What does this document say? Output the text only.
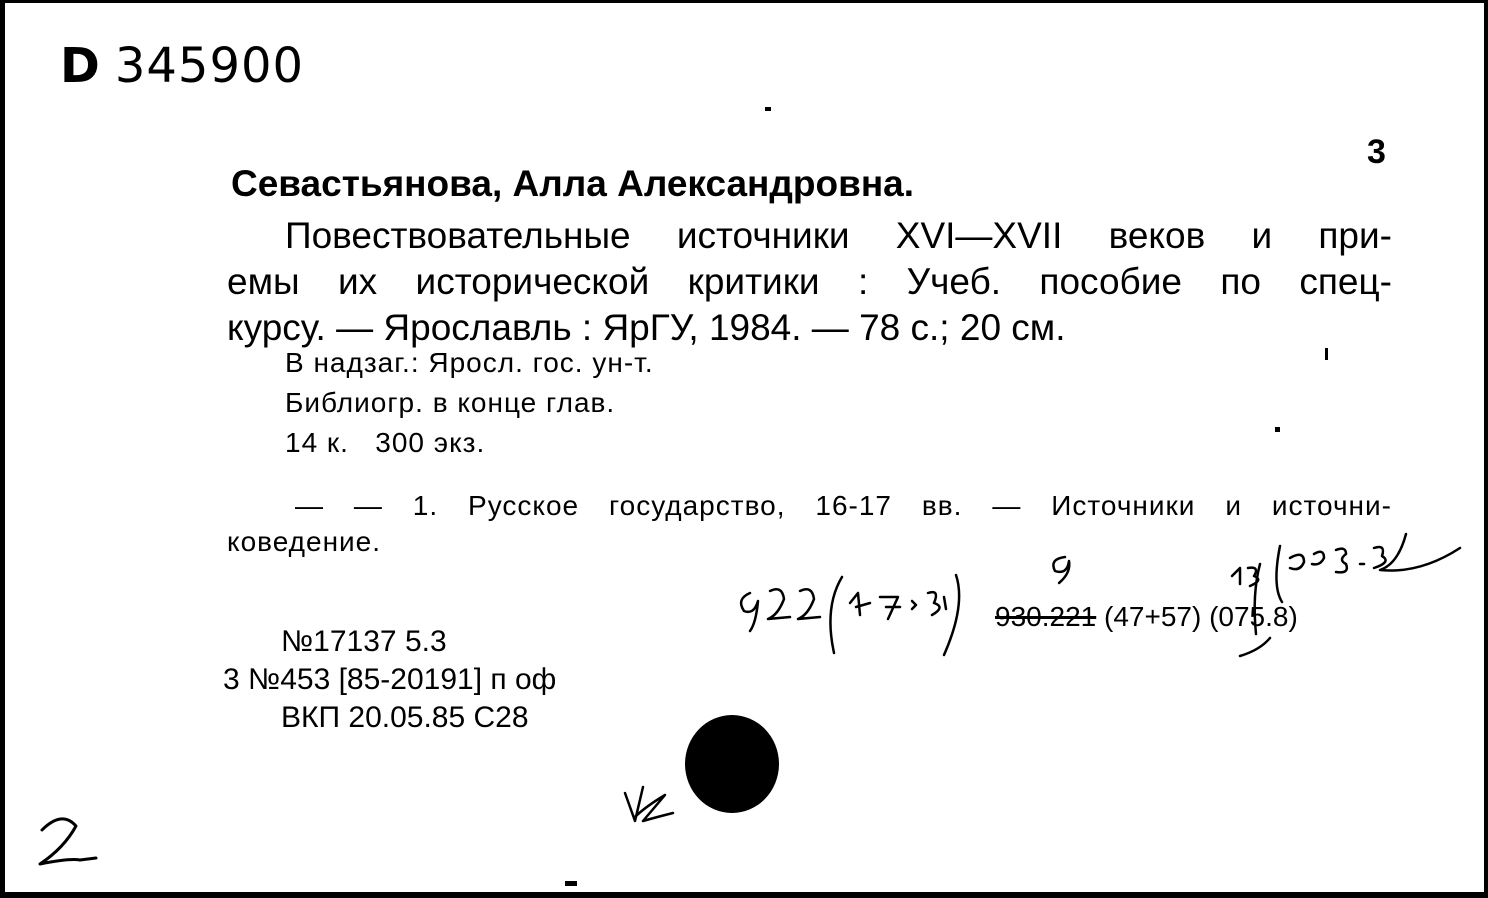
D 345900
3
Севастьянова, Алла Александровна.
Повествовательные источники XVI—XVII веков и при-
емы их исторической критики : Учеб. пособие по спец-
курсу. — Ярославль : ЯрГУ, 1984. — 78 с.; 20 см.
В надзаг.: Яросл. гос. ун-т.
Библиогр. в конце глав.
14 к.   300 экз.
— — 1. Русское государство, 16-17 вв. — Источники и источни-
коведение.
930.221 (47+57) (075.8)
№17137 5.3
3 №453 [85-20191] п оф
ВКП 20.05.85 С28
